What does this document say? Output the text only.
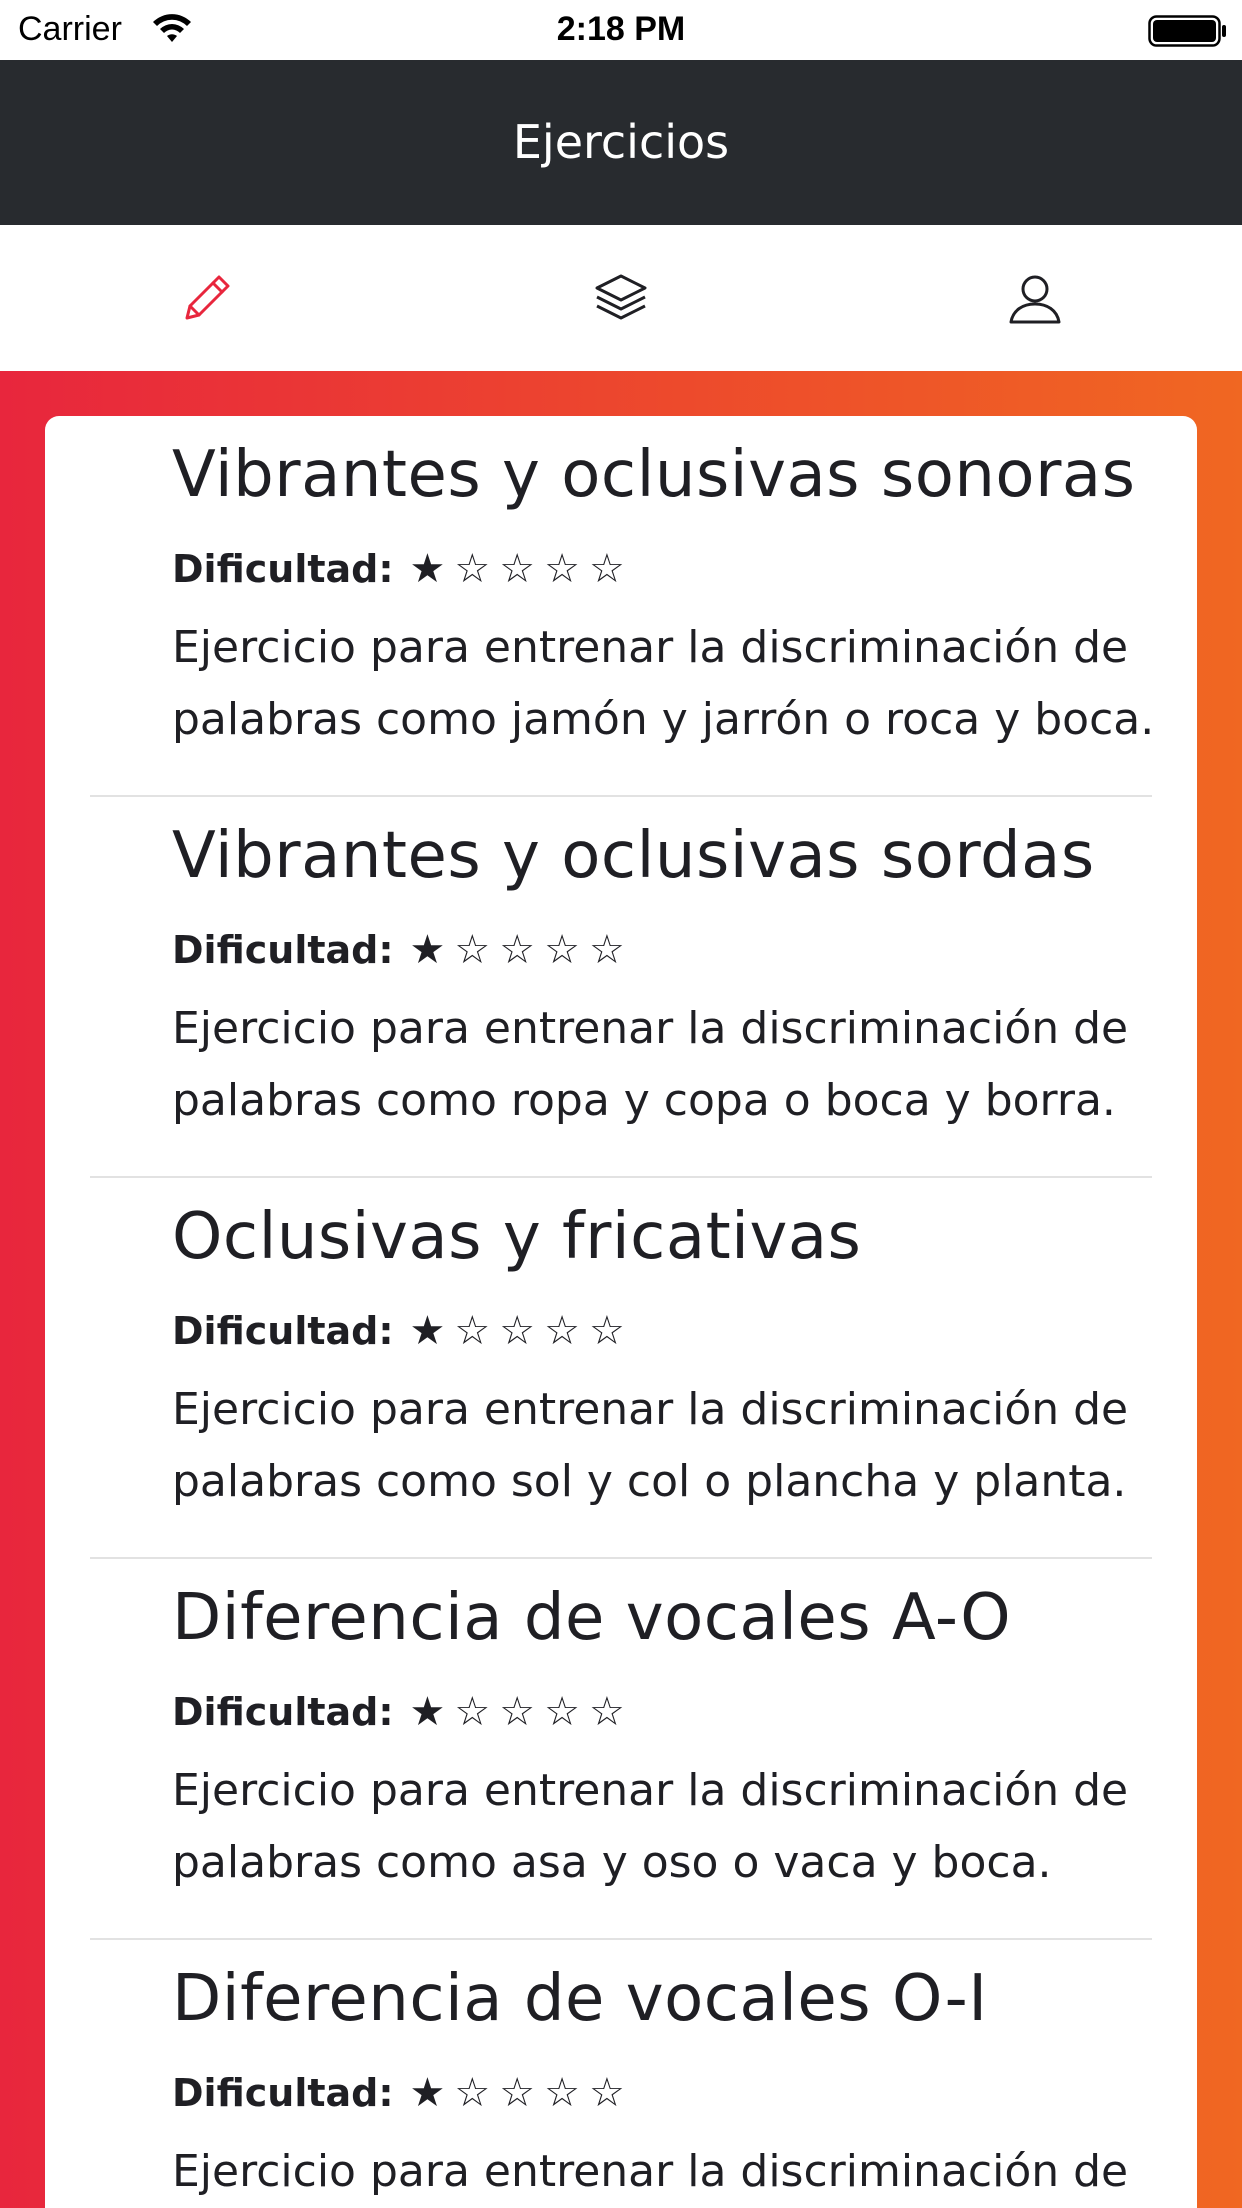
Carrier	2:18 PM
Ejercicios
Vibrantes y oclusivas sonoras
Dificultad: ★ ☆ ☆ ☆ ☆
Ejercicio para entrenar la discriminación de palabras como jamón y jarrón o roca y boca.
Vibrantes y oclusivas sordas
Dificultad: ★ ☆ ☆ ☆ ☆
Ejercicio para entrenar la discriminación de palabras como ropa y copa o boca y borra.
Oclusivas y fricativas
Dificultad: ★ ☆ ☆ ☆ ☆
Ejercicio para entrenar la discriminación de palabras como sol y col o plancha y planta.
Diferencia de vocales A-O
Dificultad: ★ ☆ ☆ ☆ ☆
Ejercicio para entrenar la discriminación de palabras como asa y oso o vaca y boca.
Diferencia de vocales O-I
Dificultad: ★ ☆ ☆ ☆ ☆
Ejercicio para entrenar la discriminación de
